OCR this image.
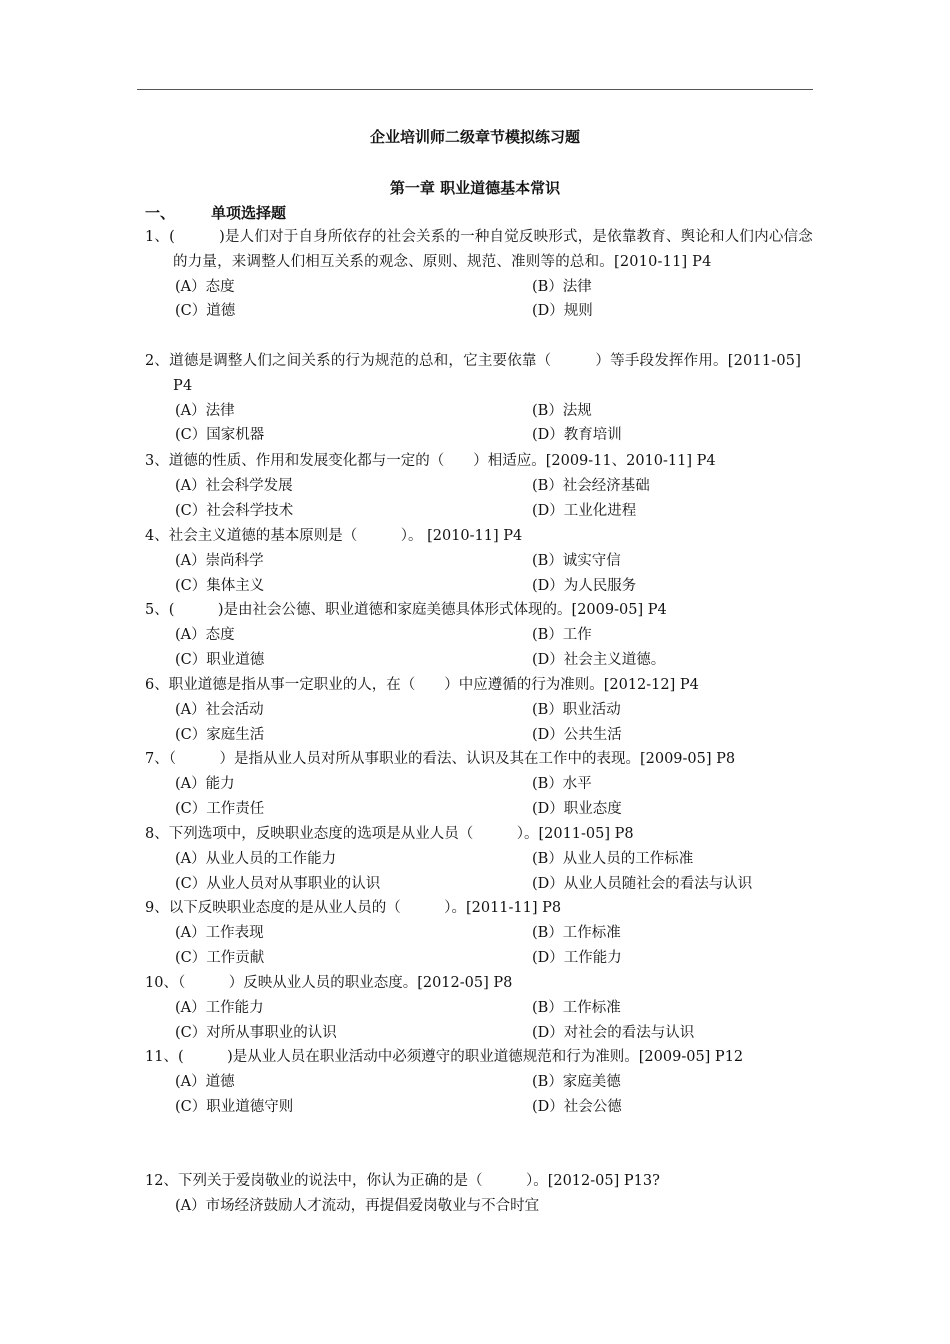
企业培训师二级章节模拟练习题
第一章 职业道德基本常识
一、 单项选择题
1、(　　　)是人们对于自身所依存的社会关系的一种自觉反映形式，是依靠教育、舆论和人们内心信念的力量，来调整人们相互关系的观念、原则、规范、准则等的总和。[2010-11] P4
(A）态度	(B）法律
(C）道德	(D）规则
2、道德是调整人们之间关系的行为规范的总和，它主要依靠（　　　）等手段发挥作用。[2011-05] P4
(A）法律	(B）法规
(C）国家机器	(D）教育培训
3、道德的性质、作用和发展变化都与一定的（　　）相适应。[2009-11、2010-11] P4
(A）社会科学发展	(B）社会经济基础
(C）社会科学技术	(D）工业化进程
4、社会主义道德的基本原则是（　　　）。 [2010-11] P4
(A）崇尚科学	(B）诚实守信
(C）集体主义	(D）为人民服务
5、(　　　)是由社会公德、职业道德和家庭美德具体形式体现的。[2009-05] P4
(A）态度	(B）工作
(C）职业道德	(D）社会主义道德。
6、职业道德是指从事一定职业的人，在（　　）中应遵循的行为准则。[2012-12] P4
(A）社会活动	(B）职业活动
(C）家庭生活	(D）公共生活
7、（　　　）是指从业人员对所从事职业的看法、认识及其在工作中的表现。[2009-05] P8
(A）能力	(B）水平
(C）工作责任	(D）职业态度
8、下列选项中，反映职业态度的选项是从业人员（　　　）。[2011-05] P8
(A）从业人员的工作能力	(B）从业人员的工作标准
(C）从业人员对从事职业的认识	(D）从业人员随社会的看法与认识
9、以下反映职业态度的是从业人员的（　　　）。[2011-11] P8
(A）工作表现	(B）工作标准
(C）工作贡献	(D）工作能力
10、（　　　）反映从业人员的职业态度。[2012-05] P8
(A）工作能力	(B）工作标准
(C）对所从事职业的认识	(D）对社会的看法与认识
11、(　　　)是从业人员在职业活动中必须遵守的职业道德规范和行为准则。[2009-05] P12
(A）道德	(B）家庭美德
(C）职业道德守则	(D）社会公德
12、下列关于爱岗敬业的说法中，你认为正确的是（　　　）。[2012-05] P13?
(A）市场经济鼓励人才流动，再提倡爱岗敬业与不合时宜
